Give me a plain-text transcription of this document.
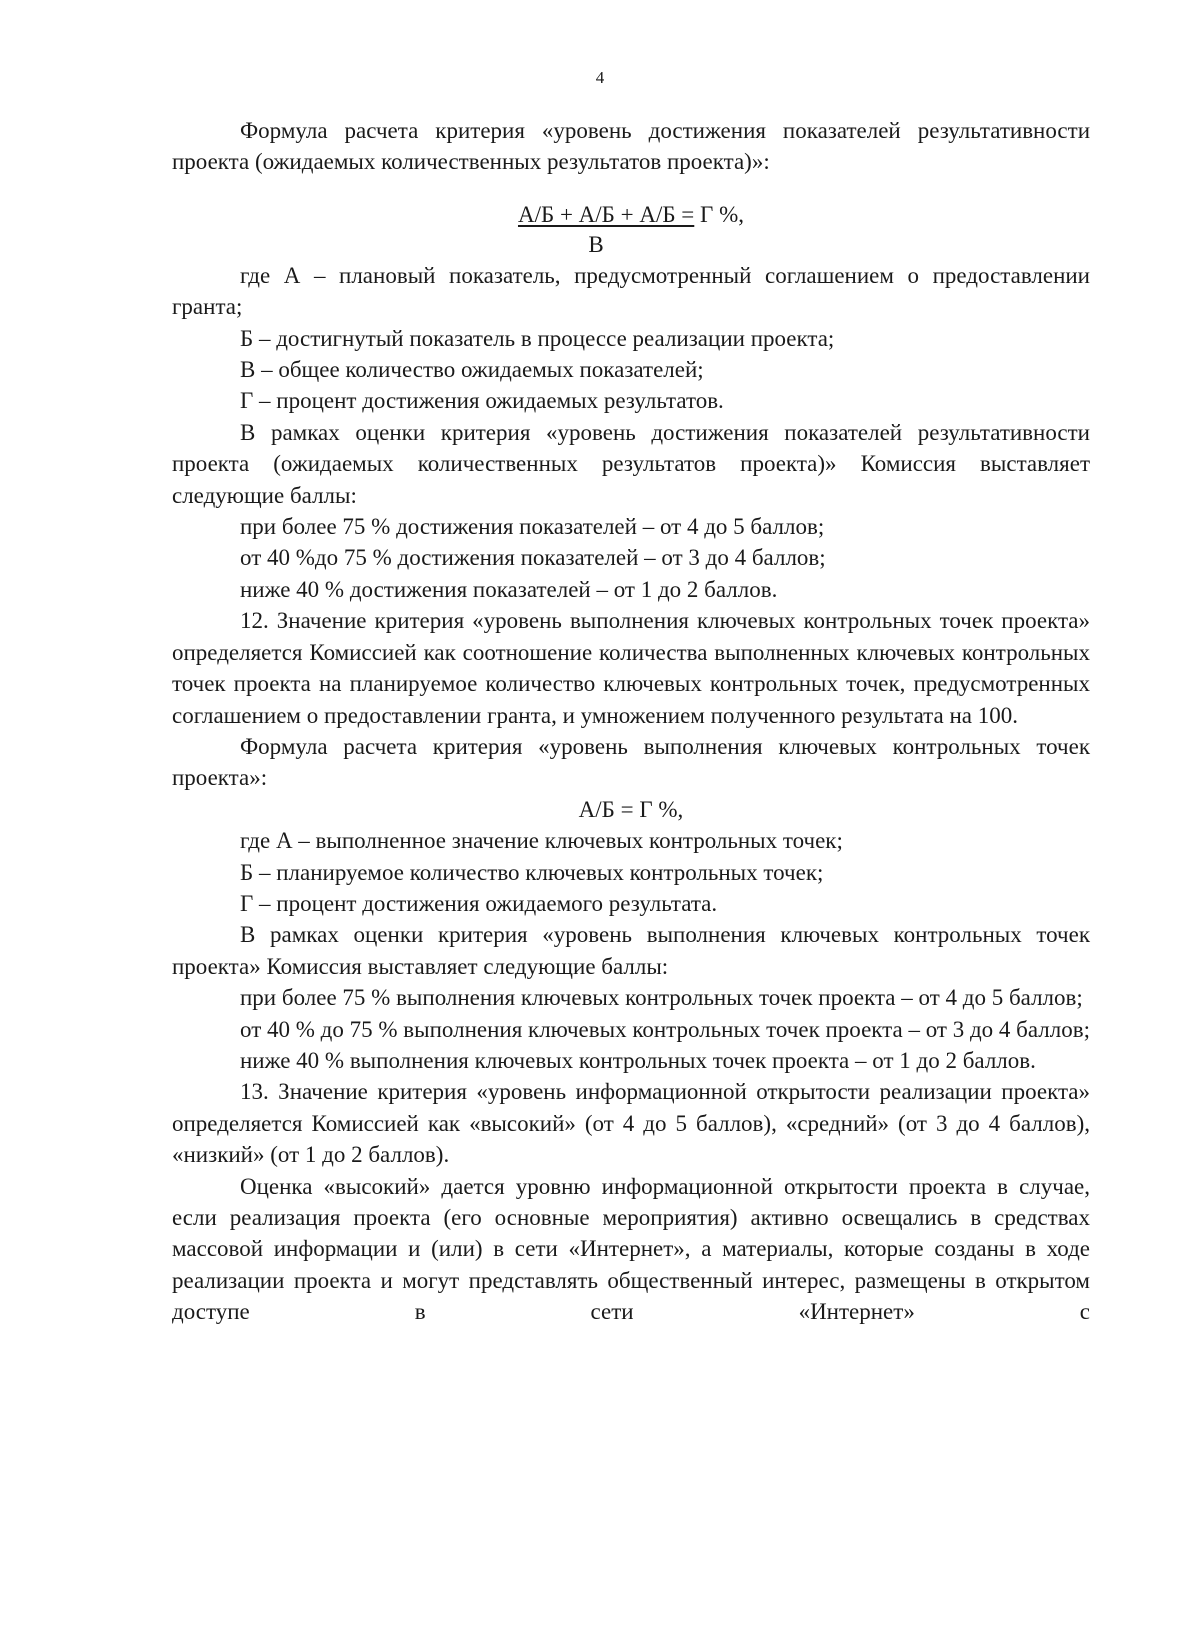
4

Формула расчета критерия «уровень достижения показателей результативности проекта (ожидаемых количественных результатов проекта)»:

А/Б + А/Б + А/Б = Г %,
В

где А – плановый показатель, предусмотренный соглашением о предоставлении гранта;

Б – достигнутый показатель в процессе реализации проекта;

В – общее количество ожидаемых показателей;

Г – процент достижения ожидаемых результатов.

В рамках оценки критерия «уровень достижения показателей результативности проекта (ожидаемых количественных результатов проекта)» Комиссия выставляет следующие баллы:

при более 75 % достижения показателей – от 4 до 5 баллов;

от 40 %до 75 % достижения показателей – от 3 до 4 баллов;

ниже 40 % достижения показателей – от 1 до 2 баллов.

12. Значение критерия «уровень выполнения ключевых контрольных точек проекта» определяется Комиссией как соотношение количества выполненных ключевых контрольных точек проекта на планируемое количество ключевых контрольных точек, предусмотренных соглашением о предоставлении гранта, и умножением полученного результата на 100.

Формула расчета критерия «уровень выполнения ключевых контрольных точек проекта»:

А/Б = Г %,

где А – выполненное значение ключевых контрольных точек;

Б – планируемое количество ключевых контрольных точек;

Г – процент достижения ожидаемого результата.

В рамках оценки критерия «уровень выполнения ключевых контрольных точек проекта» Комиссия выставляет следующие баллы:

при более 75 % выполнения ключевых контрольных точек проекта – от 4 до 5 баллов;

от 40 % до 75 % выполнения ключевых контрольных точек проекта – от 3 до 4 баллов;

ниже 40 % выполнения ключевых контрольных точек проекта – от 1 до 2 баллов.

13. Значение критерия «уровень информационной открытости реализации проекта» определяется Комиссией как «высокий» (от 4 до 5 баллов), «средний» (от 3 до 4 баллов), «низкий» (от 1 до 2 баллов).

Оценка «высокий» дается уровню информационной открытости проекта в случае, если реализация проекта (его основные мероприятия) активно освещались в средствах массовой информации и (или) в сети «Интернет», а материалы, которые созданы в ходе реализации проекта и могут представлять общественный интерес, размещены в открытом доступе в сети «Интернет» с
